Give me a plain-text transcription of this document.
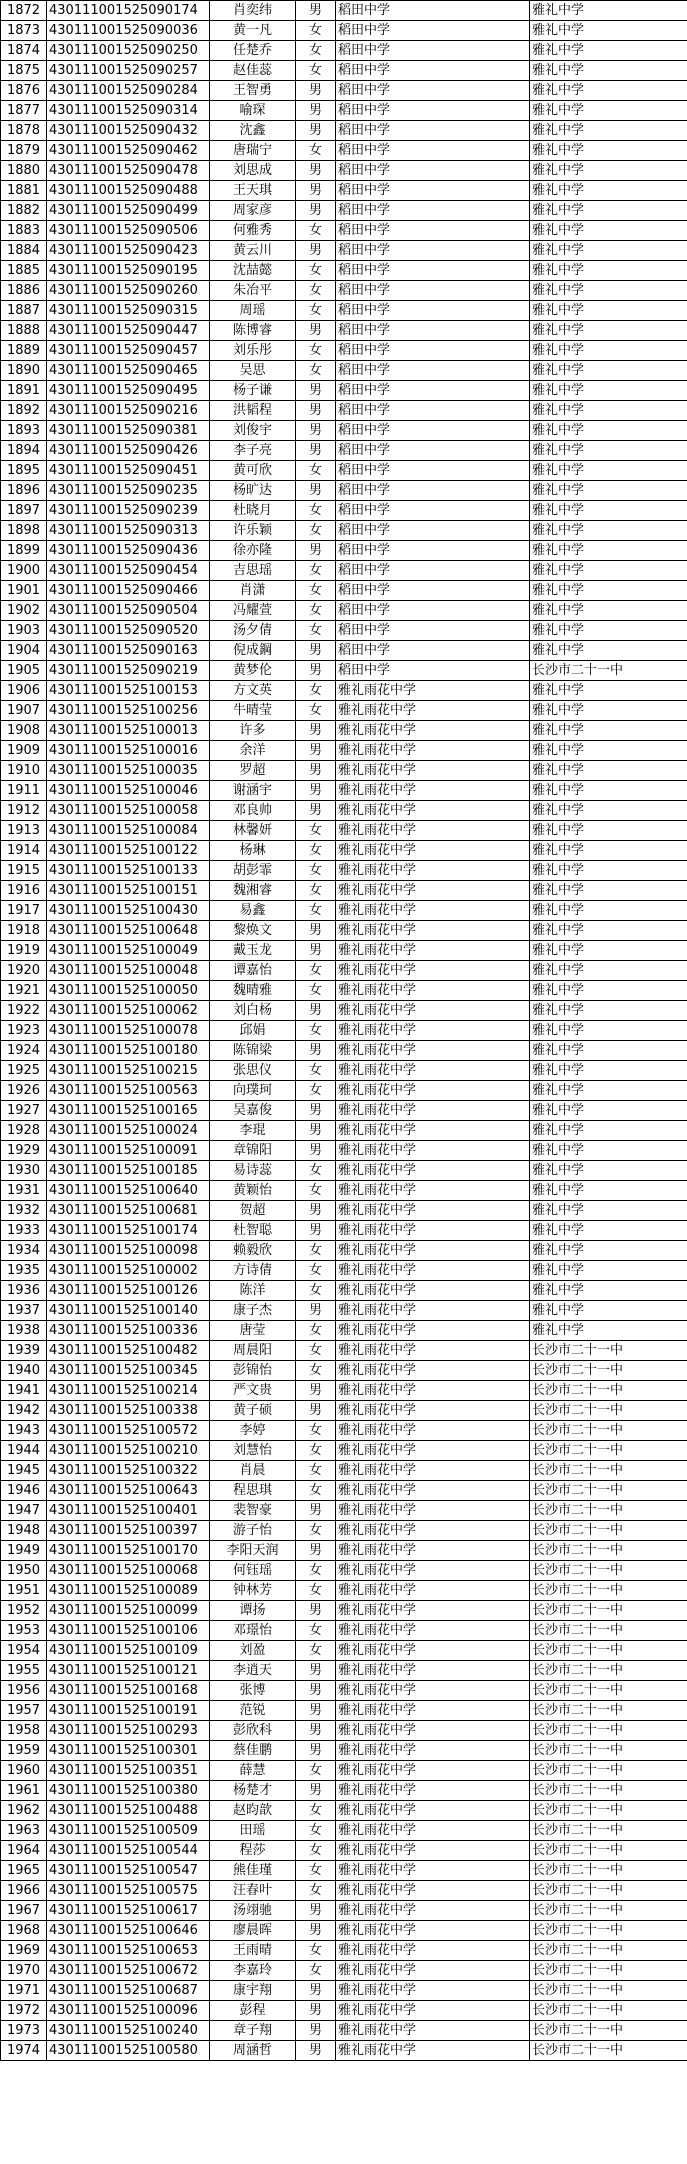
1872	430111001525090174	肖奕纬	男	稻田中学	雅礼中学
1873	430111001525090036	黄一凡	女	稻田中学	雅礼中学
1874	430111001525090250	任楚乔	女	稻田中学	雅礼中学
1875	430111001525090257	赵佳蕊	女	稻田中学	雅礼中学
1876	430111001525090284	王智勇	男	稻田中学	雅礼中学
1877	430111001525090314	喻琛	男	稻田中学	雅礼中学
1878	430111001525090432	沈鑫	男	稻田中学	雅礼中学
1879	430111001525090462	唐瑞宁	女	稻田中学	雅礼中学
1880	430111001525090478	刘思成	男	稻田中学	雅礼中学
1881	430111001525090488	王天琪	男	稻田中学	雅礼中学
1882	430111001525090499	周家彦	男	稻田中学	雅礼中学
1883	430111001525090506	何雅秀	女	稻田中学	雅礼中学
1884	430111001525090423	黄云川	男	稻田中学	雅礼中学
1885	430111001525090195	沈喆懿	女	稻田中学	雅礼中学
1886	430111001525090260	朱冶平	女	稻田中学	雅礼中学
1887	430111001525090315	周瑶	女	稻田中学	雅礼中学
1888	430111001525090447	陈博睿	男	稻田中学	雅礼中学
1889	430111001525090457	刘乐彤	女	稻田中学	雅礼中学
1890	430111001525090465	吴思	女	稻田中学	雅礼中学
1891	430111001525090495	杨子谦	男	稻田中学	雅礼中学
1892	430111001525090216	洪韬程	男	稻田中学	雅礼中学
1893	430111001525090381	刘俊宇	男	稻田中学	雅礼中学
1894	430111001525090426	李子亮	男	稻田中学	雅礼中学
1895	430111001525090451	黄可欣	女	稻田中学	雅礼中学
1896	430111001525090235	杨旷达	男	稻田中学	雅礼中学
1897	430111001525090239	杜晓月	女	稻田中学	雅礼中学
1898	430111001525090313	许乐颖	女	稻田中学	雅礼中学
1899	430111001525090436	徐亦隆	男	稻田中学	雅礼中学
1900	430111001525090454	吉思瑶	女	稻田中学	雅礼中学
1901	430111001525090466	肖潇	女	稻田中学	雅礼中学
1902	430111001525090504	冯耀萱	女	稻田中学	雅礼中学
1903	430111001525090520	汤夕倩	女	稻田中学	雅礼中学
1904	430111001525090163	倪成鋼	男	稻田中学	雅礼中学
1905	430111001525090219	黄梦伦	男	稻田中学	长沙市二十一中
1906	430111001525100153	方文英	女	雅礼雨花中学	雅礼中学
1907	430111001525100256	牛晴莹	女	雅礼雨花中学	雅礼中学
1908	430111001525100013	许多	男	雅礼雨花中学	雅礼中学
1909	430111001525100016	余洋	男	雅礼雨花中学	雅礼中学
1910	430111001525100035	罗超	男	雅礼雨花中学	雅礼中学
1911	430111001525100046	谢涵宇	男	雅礼雨花中学	雅礼中学
1912	430111001525100058	邓良帅	男	雅礼雨花中学	雅礼中学
1913	430111001525100084	林馨妍	女	雅礼雨花中学	雅礼中学
1914	430111001525100122	杨琳	女	雅礼雨花中学	雅礼中学
1915	430111001525100133	胡彭霏	女	雅礼雨花中学	雅礼中学
1916	430111001525100151	魏湘睿	女	雅礼雨花中学	雅礼中学
1917	430111001525100430	易鑫	女	雅礼雨花中学	雅礼中学
1918	430111001525100648	黎焕文	男	雅礼雨花中学	雅礼中学
1919	430111001525100049	戴玉龙	男	雅礼雨花中学	雅礼中学
1920	430111001525100048	谭嘉怡	女	雅礼雨花中学	雅礼中学
1921	430111001525100050	魏晴雅	女	雅礼雨花中学	雅礼中学
1922	430111001525100062	刘白杨	男	雅礼雨花中学	雅礼中学
1923	430111001525100078	邱娟	女	雅礼雨花中学	雅礼中学
1924	430111001525100180	陈锦梁	男	雅礼雨花中学	雅礼中学
1925	430111001525100215	张思仪	女	雅礼雨花中学	雅礼中学
1926	430111001525100563	向璞珂	女	雅礼雨花中学	雅礼中学
1927	430111001525100165	吴嘉俊	男	雅礼雨花中学	雅礼中学
1928	430111001525100024	李琨	男	雅礼雨花中学	雅礼中学
1929	430111001525100091	章锦阳	男	雅礼雨花中学	雅礼中学
1930	430111001525100185	易诗蕊	女	雅礼雨花中学	雅礼中学
1931	430111001525100640	黄颖怡	女	雅礼雨花中学	雅礼中学
1932	430111001525100681	贺超	男	雅礼雨花中学	雅礼中学
1933	430111001525100174	杜智聪	男	雅礼雨花中学	雅礼中学
1934	430111001525100098	赖毅欣	女	雅礼雨花中学	雅礼中学
1935	430111001525100002	方诗倩	女	雅礼雨花中学	雅礼中学
1936	430111001525100126	陈洋	女	雅礼雨花中学	雅礼中学
1937	430111001525100140	康子杰	男	雅礼雨花中学	雅礼中学
1938	430111001525100336	唐莹	女	雅礼雨花中学	雅礼中学
1939	430111001525100482	周晨阳	女	雅礼雨花中学	长沙市二十一中
1940	430111001525100345	彭锦怡	女	雅礼雨花中学	长沙市二十一中
1941	430111001525100214	严文贵	男	雅礼雨花中学	长沙市二十一中
1942	430111001525100338	黄子硕	男	雅礼雨花中学	长沙市二十一中
1943	430111001525100572	李婷	女	雅礼雨花中学	长沙市二十一中
1944	430111001525100210	刘慧怡	女	雅礼雨花中学	长沙市二十一中
1945	430111001525100322	肖晨	女	雅礼雨花中学	长沙市二十一中
1946	430111001525100643	程思琪	女	雅礼雨花中学	长沙市二十一中
1947	430111001525100401	裴智豪	男	雅礼雨花中学	长沙市二十一中
1948	430111001525100397	游子怡	女	雅礼雨花中学	长沙市二十一中
1949	430111001525100170	李阳天润	男	雅礼雨花中学	长沙市二十一中
1950	430111001525100068	何钰瑶	女	雅礼雨花中学	长沙市二十一中
1951	430111001525100089	钟林芳	女	雅礼雨花中学	长沙市二十一中
1952	430111001525100099	谭扬	男	雅礼雨花中学	长沙市二十一中
1953	430111001525100106	邓璟怡	女	雅礼雨花中学	长沙市二十一中
1954	430111001525100109	刘盈	女	雅礼雨花中学	长沙市二十一中
1955	430111001525100121	李逍天	男	雅礼雨花中学	长沙市二十一中
1956	430111001525100168	张博	男	雅礼雨花中学	长沙市二十一中
1957	430111001525100191	范锐	男	雅礼雨花中学	长沙市二十一中
1958	430111001525100293	彭欣科	男	雅礼雨花中学	长沙市二十一中
1959	430111001525100301	蔡佳鹏	男	雅礼雨花中学	长沙市二十一中
1960	430111001525100351	薛慧	女	雅礼雨花中学	长沙市二十一中
1961	430111001525100380	杨楚才	男	雅礼雨花中学	长沙市二十一中
1962	430111001525100488	赵昀歆	女	雅礼雨花中学	长沙市二十一中
1963	430111001525100509	田瑶	女	雅礼雨花中学	长沙市二十一中
1964	430111001525100544	程莎	女	雅礼雨花中学	长沙市二十一中
1965	430111001525100547	熊佳瑾	女	雅礼雨花中学	长沙市二十一中
1966	430111001525100575	汪春叶	女	雅礼雨花中学	长沙市二十一中
1967	430111001525100617	汤翊驰	男	雅礼雨花中学	长沙市二十一中
1968	430111001525100646	廖晨晖	男	雅礼雨花中学	长沙市二十一中
1969	430111001525100653	王雨晴	女	雅礼雨花中学	长沙市二十一中
1970	430111001525100672	李嘉玲	女	雅礼雨花中学	长沙市二十一中
1971	430111001525100687	康宇翔	男	雅礼雨花中学	长沙市二十一中
1972	430111001525100096	彭程	男	雅礼雨花中学	长沙市二十一中
1973	430111001525100240	章子翔	男	雅礼雨花中学	长沙市二十一中
1974	430111001525100580	周涵哲	男	雅礼雨花中学	长沙市二十一中
